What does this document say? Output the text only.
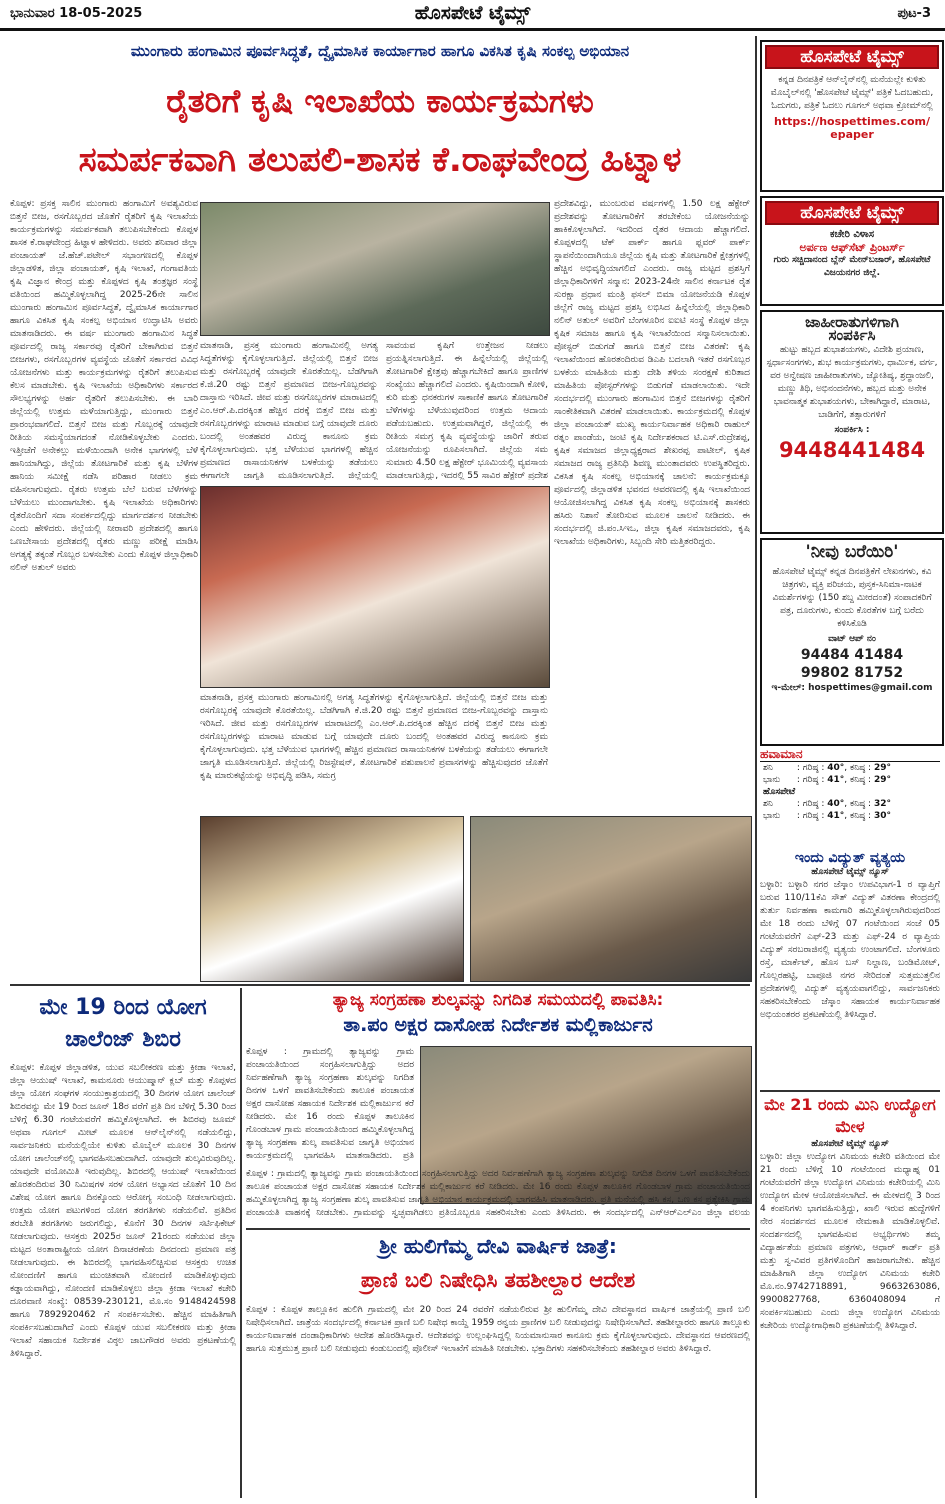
ಭಾನುವಾರ 18-05-2025	ಹೊಸಪೇಟೆ ಟೈಮ್ಸ್	ಪುಟ-3
ಮುಂಗಾರು ಹಂಗಾಮಿನ ಪೂರ್ವಸಿದ್ಧತೆ, ದ್ವೈಮಾಸಿಕ ಕಾರ್ಯಾಗಾರ ಹಾಗೂ ವಿಕಸಿತ ಕೃಷಿ ಸಂಕಲ್ಪ ಅಭಿಯಾನ
ರೈತರಿಗೆ ಕೃಷಿ ಇಲಾಖೆಯ ಕಾರ್ಯಕ್ರಮಗಳು
ಸಮರ್ಪಕವಾಗಿ ತಲುಪಲಿ-ಶಾಸಕ ಕೆ.ರಾಘವೇಂದ್ರ ಹಿಟ್ನಾಳ
ಕೊಪ್ಪಳ: ಪ್ರಸಕ್ತ ಸಾಲಿನ ಮುಂಗಾರು ಹಂಗಾಮಿಗೆ ಅವಶ್ಯವಿರುವ ಬಿತ್ತನೆ ಬೀಜ, ರಸಗೊಬ್ಬರದ ಜೊತೆಗೆ ರೈತರಿಗೆ ಕೃಷಿ ಇಲಾಖೆಯ ಕಾರ್ಯಕ್ರಮಗಳನ್ನು ಸಮರ್ಪಕವಾಗಿ ತಲುಪಿಸಬೇಕೆಂದು ಕೊಪ್ಪಳ ಶಾಸಕ ಕೆ.ರಾಘವೇಂದ್ರ ಹಿಟ್ನಾಳ ಹೇಳಿದರು. ಅವರು ಶನಿವಾರ ಜಿಲ್ಲಾ ಪಂಚಾಯತ್ ಜೆ.ಹೆಚ್.ಪಟೇಲ್ ಸಭಾಂಗಣದಲ್ಲಿ ಕೊಪ್ಪಳ ಜಿಲ್ಲಾಡಳಿತ, ಜಿಲ್ಲಾ ಪಂಚಾಯತ್, ಕೃಷಿ ಇಲಾಖೆ, ಗಂಗಾವತಿಯ ಕೃಷಿ ವಿಜ್ಞಾನ ಕೇಂದ್ರ ಮತ್ತು ಕೊಪ್ಪಳದ ಕೃಷಿ ತಂತ್ರಜ್ಞರ ಸಂಸ್ಥೆ ವತಿಯಿಂದ ಹಮ್ಮಿಕೊಳ್ಳಲಾಗಿದ್ದ 2025-26ನೇ ಸಾಲಿನ ಮುಂಗಾರು ಹಂಗಾಮಿನ ಪೂರ್ವಸಿದ್ಧತೆ, ದ್ವೈಮಾಸಿಕ ಕಾರ್ಯಾಗಾರ ಹಾಗೂ ವಿಕಸಿತ ಕೃಷಿ ಸಂಕಲ್ಪ ಅಭಿಯಾನ ಉದ್ಘಾಟಿಸಿ ಅವರು ಮಾತನಾಡಿದರು. ಈ ವರ್ಷ ಮುಂಗಾರು ಹಂಗಾಮಿನ ಸಿದ್ಧತೆ ಪೂರ್ವದಲ್ಲಿ ರಾಜ್ಯ ಸರ್ಕಾರವು ರೈತರಿಗೆ ಬೇಕಾಗಿರುವ ಬಿತ್ತನೆ ಬೀಜಗಳು, ರಸಗೊಬ್ಬರಗಳ ವ್ಯವಸ್ಥೆಯ ಜೊತೆಗೆ ಸರ್ಕಾರದ ವಿವಿಧ ಯೋಜನೆಗಳು ಮತ್ತು ಕಾರ್ಯಕ್ರಮಗಳನ್ನು ರೈತರಿಗೆ ತಲುಪಿಸುವ ಕೆಲಸ ಮಾಡಬೇಕು. ಕೃಷಿ ಇಲಾಖೆಯ ಅಧಿಕಾರಿಗಳು ಸರ್ಕಾರದ ಸೌಲಭ್ಯಗಳನ್ನು ಅರ್ಹ ರೈತರಿಗೆ ತಲುಪಿಸಬೇಕು. ಈ ಬಾರಿ ಜಿಲ್ಲೆಯಲ್ಲಿ ಉತ್ತಮ ಮಳೆಯಾಗುತ್ತಿದ್ದು, ಮುಂಗಾರು ಬಿತ್ತನೆ ಪ್ರಾರಂಭವಾಗಲಿದೆ. ಬಿತ್ತನೆ ಬೀಜ ಮತ್ತು ಗೊಬ್ಬರಕ್ಕೆ ಯಾವುದೇ ರೀತಿಯ ಸಮಸ್ಯೆಯಾಗದಂತೆ ನೋಡಿಕೊಳ್ಳಬೇಕು ಎಂದರು. ಇತ್ತೀಚೆಗೆ ಅನೇಕಲ್ಲು ಮಳೆಯಿಂದಾಗಿ ಅನೇಕ ಭಾಗಗಳಲ್ಲಿ ಬೆಳೆ ಹಾನಿಯಾಗಿದ್ದು, ಜಿಲ್ಲೆಯ ತೋಟಗಾರಿಕೆ ಮತ್ತು ಕೃಷಿ ಬೆಳೆಗಳ ಹಾನಿಯ ಸಮೀಕ್ಷೆ ನಡೆಸಿ ಪರಿಹಾರ ನೀಡಲು ಕ್ರಮ ವಹಿಸಲಾಗುವುದು. ರೈತರು ಉತ್ತಮ ಬೆಲೆ ಬರುವ ಬೆಳೆಗಳನ್ನು ಬೆಳೆಯಲು ಮುಂದಾಗಬೇಕು. ಕೃಷಿ ಇಲಾಖೆಯ ಅಧಿಕಾರಿಗಳು ರೈತರೊಂದಿಗೆ ಸದಾ ಸಂಪರ್ಕದಲ್ಲಿದ್ದು ಮಾರ್ಗದರ್ಶನ ನೀಡಬೇಕು ಎಂದು ಹೇಳಿದರು. ಜಿಲ್ಲೆಯಲ್ಲಿ ನೀರಾವರಿ ಪ್ರದೇಶದಲ್ಲಿ ಹಾಗೂ ಒಣಬೇಸಾಯ ಪ್ರದೇಶದಲ್ಲಿ ರೈತರು ಮಣ್ಣು ಪರೀಕ್ಷೆ ಮಾಡಿಸಿ ಅಗತ್ಯಕ್ಕೆ ತಕ್ಕಂತೆ ಗೊಬ್ಬರ ಬಳಸಬೇಕು ಎಂದು ಕೊಪ್ಪಳ ಜಿಲ್ಲಾಧಿಕಾರಿ ನಲಿನ್ ಅತುಲ್ ಅವರು
ಮಾತನಾಡಿ, ಪ್ರಸಕ್ತ ಮುಂಗಾರು ಹಂಗಾಮಿನಲ್ಲಿ ಅಗತ್ಯ ಸಿದ್ಧತೆಗಳನ್ನು ಕೈಗೊಳ್ಳಲಾಗುತ್ತಿದೆ. ಜಿಲ್ಲೆಯಲ್ಲಿ ಬಿತ್ತನೆ ಬೀಜ ಮತ್ತು ರಸಗೊಬ್ಬರಕ್ಕೆ ಯಾವುದೇ ಕೊರತೆಯಿಲ್ಲ. ಬೆಡಗಿಗಾಗಿ ಕೆ.ಜಿ.20 ರಷ್ಟು ಬಿತ್ತನೆ ಪ್ರಮಾಣದ ಬೀಜ-ಗೊಬ್ಬರವನ್ನು ದಾಸ್ತಾನು ಇರಿಸಿದೆ. ಜೀವ ಮತ್ತು ರಸಗೊಬ್ಬರಗಳ ಮಾರಾಟದಲ್ಲಿ ಎಂ.ಆರ್.ಪಿ.ದರಕ್ಕಿಂತ ಹೆಚ್ಚಿನ ದರಕ್ಕೆ ಬಿತ್ತನೆ ಬೀಜ ಮತ್ತು ರಸಗೊಬ್ಬರಗಳನ್ನು ಮಾರಾಟ ಮಾಡುವ ಬಗ್ಗೆ ಯಾವುದೇ ದೂರು ಬಂದಲ್ಲಿ ಅಂತಹವರ ವಿರುದ್ಧ ಕಾನೂನು ಕ್ರಮ ಕೈಗೊಳ್ಳಲಾಗುವುದು. ಭತ್ತ ಬೆಳೆಯುವ ಭಾಗಗಳಲ್ಲಿ ಹೆಚ್ಚಿನ ಪ್ರಮಾಣದ ರಾಸಾಯನಿಕಗಳ ಬಳಕೆಯನ್ನು ತಡೆಯಲು ಈಗಾಗಲೇ ಜಾಗೃತಿ ಮೂಡಿಸಲಾಗುತ್ತಿದೆ. ಜಿಲ್ಲೆಯಲ್ಲಿ
ಸಾವಯವ ಕೃಷಿಗೆ ಉತ್ತೇಜನ ನೀಡಲು ಪ್ರಯತ್ನಿಸಲಾಗುತ್ತಿದೆ. ಈ ಹಿನ್ನೆಲೆಯಲ್ಲಿ ಜಿಲ್ಲೆಯಲ್ಲಿ ತೋಟಗಾರಿಕೆ ಕ್ಷೇತ್ರವು ಹೆಚ್ಚಾಗಬೇಕಿದೆ ಹಾಗೂ ಪ್ರಾಣಿಗಳ ಸಂಖ್ಯೆಯು ಹೆಚ್ಚಾಗಲಿದೆ ಎಂದರು. ಕೃಷಿಯಿಂದಾಗಿ ಕೋಳಿ, ಕುರಿ ಮತ್ತು ಧನಕರುಗಳ ಸಾಕಾಣಿಕೆ ಹಾಗೂ ತೋಟಗಾರಿಕೆ ಬೆಳೆಗಳನ್ನು ಬೆಳೆಯುವುದರಿಂದ ಉತ್ತಮ ಆದಾಯ ಪಡೆಯಬಹುದು. ಉತ್ತಮವಾಗಿದ್ದರೆ, ಜಿಲ್ಲೆಯಲ್ಲಿ ಈ ರೀತಿಯ ಸಮಗ್ರ ಕೃಷಿ ವ್ಯವಸ್ಥೆಯನ್ನು ಜಾರಿಗೆ ತರುವ ಯೋಜನೆಯನ್ನು ರೂಪಿಸಲಾಗಿದೆ. ಜಿಲ್ಲೆಯ ಸಮ ಸುಮಾರು 4.50 ಲಕ್ಷ ಹೆಕ್ಟೇರ್ ಭೂಮಿಯಲ್ಲಿ ವ್ಯವಸಾಯ ಮಾಡಲಾಗುತ್ತಿದ್ದು, ಇದರಲ್ಲಿ 55 ಸಾವಿರ ಹೆಕ್ಟೇರ್ ಪ್ರದೇಶ
ಮಾತನಾಡಿ, ಪ್ರಸಕ್ತ ಮುಂಗಾರು ಹಂಗಾಮಿನಲ್ಲಿ ಅಗತ್ಯ ಸಿದ್ಧತೆಗಳನ್ನು ಕೈಗೊಳ್ಳಲಾಗುತ್ತಿದೆ. ಜಿಲ್ಲೆಯಲ್ಲಿ ಬಿತ್ತನೆ ಬೀಜ ಮತ್ತು ರಸಗೊಬ್ಬರಕ್ಕೆ ಯಾವುದೇ ಕೊರತೆಯಿಲ್ಲ. ಬೆಡಗಿಗಾಗಿ ಕೆ.ಜಿ.20 ರಷ್ಟು ಬಿತ್ತನೆ ಪ್ರಮಾಣದ ಬೀಜ-ಗೊಬ್ಬರವನ್ನು ದಾಸ್ತಾನು ಇರಿಸಿದೆ. ಜೀವ ಮತ್ತು ರಸಗೊಬ್ಬರಗಳ ಮಾರಾಟದಲ್ಲಿ ಎಂ.ಆರ್.ಪಿ.ದರಕ್ಕಿಂತ ಹೆಚ್ಚಿನ ದರಕ್ಕೆ ಬಿತ್ತನೆ ಬೀಜ ಮತ್ತು ರಸಗೊಬ್ಬರಗಳನ್ನು ಮಾರಾಟ ಮಾಡುವ ಬಗ್ಗೆ ಯಾವುದೇ ದೂರು ಬಂದಲ್ಲಿ ಅಂತಹವರ ವಿರುದ್ಧ ಕಾನೂನು ಕ್ರಮ ಕೈಗೊಳ್ಳಲಾಗುವುದು. ಭತ್ತ ಬೆಳೆಯುವ ಭಾಗಗಳಲ್ಲಿ ಹೆಚ್ಚಿನ ಪ್ರಮಾಣದ ರಾಸಾಯನಿಕಗಳ ಬಳಕೆಯನ್ನು ತಡೆಯಲು ಈಗಾಗಲೇ ಜಾಗೃತಿ ಮೂಡಿಸಲಾಗುತ್ತಿದೆ. ಜಿಲ್ಲೆಯಲ್ಲಿ ರಿಜಸ್ಟೇಷನ್, ತೋಟಗಾರಿಕೆ ಪಶುಪಾಲನೆ ಪ್ರವಾಸಗಳನ್ನು ಹೆಚ್ಚಿಸುವುದರ ಜೊತೆಗೆ ಕೃಷಿ ಮಾರುಕಟ್ಟೆಯನ್ನು ಅಭಿವೃದ್ಧಿ ಪಡಿಸಿ, ಸಮಗ್ರ
ಪ್ರದೇಶವಿದ್ದು, ಮುಂಬರುವ ವರ್ಷಗಳಲ್ಲಿ 1.50 ಲಕ್ಷ ಹೆಕ್ಟೇರ್ ಪ್ರದೇಶವನ್ನು ತೋಟಗಾರಿಕೆಗೆ ತರಬೇಕೆಂಬ ಯೋಜನೆಯನ್ನು ಹಾಕಿಕೊಳ್ಳಲಾಗಿದೆ. ಇದರಿಂದ ರೈತರ ಆದಾಯ ಹೆಚ್ಚಾಗಲಿದೆ. ಕೊಪ್ಪಳದಲ್ಲಿ ಟೆಕ್ ಪಾರ್ಕ್ ಹಾಗೂ ಫ್ಲವರ್ ಪಾರ್ಕ್ ಸ್ಥಾಪನೆಯಿಂದಾಗಿಯೂ ಜಿಲ್ಲೆಯ ಕೃಷಿ ಮತ್ತು ತೋಟಗಾರಿಕೆ ಕ್ಷೇತ್ರಗಳಲ್ಲಿ ಹೆಚ್ಚಿನ ಅಭಿವೃದ್ಧಿಯಾಗಲಿದೆ ಎಂದರು. ರಾಜ್ಯ ಮಟ್ಟದ ಪ್ರಶಸ್ತಿಗೆ ಜಿಲ್ಲಾಧಿಕಾರಿಗಳಿಗೆ ಸನ್ಮಾನ: 2023-24ನೇ ಸಾಲಿನ ಕರ್ನಾಟಕ ರೈತ ಸುರಕ್ಷಾ ಪ್ರಧಾನ ಮಂತ್ರಿ ಫಸಲ್ ಬಿಮಾ ಯೋಜನೆಯಡಿ ಕೊಪ್ಪಳ ಜಿಲ್ಲೆಗೆ ರಾಜ್ಯ ಮಟ್ಟದ ಪ್ರಶಸ್ತಿ ಲಭಿಸಿದ ಹಿನ್ನೆಲೆಯಲ್ಲಿ ಜಿಲ್ಲಾಧಿಕಾರಿ ನಲಿನ್ ಅತುಲ್ ಅವರಿಗೆ ಬೆಂಗಳೂರಿನ ಐಐಟಿ ಸಂಸ್ಥೆ ಕೊಪ್ಪಳ ಜಿಲ್ಲಾ ಕೃಷಿಕ ಸಮಾಜ ಹಾಗೂ ಕೃಷಿ ಇಲಾಖೆಯಿಂದ ಸನ್ಮಾನಿಸಲಾಯಿತು. ಪೋಸ್ಟರ್ ಬಿಡುಗಡೆ ಹಾಗೂ ಬಿತ್ತನೆ ಬೀಜ ವಿತರಣೆ: ಕೃಷಿ ಇಲಾಖೆಯಿಂದ ಹೊರತಂದಿರುವ ಡಿಎಪಿ ಬದಲಾಗಿ ಇತರೆ ರಸಗೊಬ್ಬರ ಬಳಕೆಯ ಮಾಹಿತಿಯ ಮತ್ತು ದೇಶಿ ತಳಿಯ ಸಂರಕ್ಷಣೆ ಕುರಿತಾದ ಮಾಹಿತಿಯ ಪೋಸ್ಟರ್‌ಗಳನ್ನು ಬಿಡುಗಡೆ ಮಾಡಲಾಯಿತು. ಇದೇ ಸಂದರ್ಭದಲ್ಲಿ ಮುಂಗಾರು ಹಂಗಾಮಿನ ಬಿತ್ತನೆ ಬೀಜಗಳನ್ನು ರೈತರಿಗೆ ಸಾಂಕೇತಿಕವಾಗಿ ವಿತರಣೆ ಮಾಡಲಾಯಿತು. ಕಾರ್ಯಕ್ರಮದಲ್ಲಿ ಕೊಪ್ಪಳ ಜಿಲ್ಲಾ ಪಂಚಾಯತ್ ಮುಖ್ಯ ಕಾರ್ಯನಿರ್ವಾಹಕ ಅಧಿಕಾರಿ ರಾಹುಲ್ ರತ್ನಂ ಪಾಂಡೆಯ, ಜಂಟಿ ಕೃಷಿ ನಿರ್ದೇಶಕರಾದ ಟಿ.ಎಸ್.ರುದ್ರೇಶಪ್ಪ, ಕೃಷಿಕ ಸಮಾಜದ ಜಿಲ್ಲಾಧ್ಯಕ್ಷರಾದ ಶೇಖರಪ್ಪ ಪಾಟೀಲ್, ಕೃಷಿಕ ಸಮಾಜದ ರಾಜ್ಯ ಪ್ರತಿನಿಧಿ ಶಿವಣ್ಣ ಮುಂತಾದವರು ಉಪಸ್ಥಿತರಿದ್ದರು. ವಿಕಸಿತ ಕೃಷಿ ಸಂಕಲ್ಪ ಅಭಿಯಾನಕ್ಕೆ ಚಾಲನೆ: ಕಾರ್ಯಕ್ರಮಕ್ಕೂ ಪೂರ್ವದಲ್ಲಿ ಜಿಲ್ಲಾಡಳಿತ ಭವನದ ಆವರಣದಲ್ಲಿ ಕೃಷಿ ಇಲಾಖೆಯಿಂದ ಆಯೋಜಿಸಲಾಗಿದ್ದ ವಿಕಸಿತ ಕೃಷಿ ಸಂಕಲ್ಪ ಅಭಿಯಾನಕ್ಕೆ ಶಾಸಕರು ಹಸಿರು ನಿಶಾನೆ ತೋರಿಸುವ ಮೂಲಕ ಚಾಲನೆ ನೀಡಿದರು. ಈ ಸಂದರ್ಭದಲ್ಲಿ ಜಿ.ಪಂ.ಸಿಇಒ, ಜಿಲ್ಲಾ ಕೃಷಿಕ ಸಮಾಜದವರು, ಕೃಷಿ ಇಲಾಖೆಯ ಅಧಿಕಾರಿಗಳು, ಸಿಬ್ಬಂದಿ ಸೇರಿ ಮತ್ತಿತರರಿದ್ದರು.
ಮೇ 19 ರಿಂದ ಯೋಗ ಚಾಲೆಂಜ್ ಶಿಬಿರ
ಕೊಪ್ಪಳ: ಕೊಪ್ಪಳ ಜಿಲ್ಲಾಡಳಿತ, ಯುವ ಸಬಲೀಕರಣ ಮತ್ತು ಕ್ರೀಡಾ ಇಲಾಖೆ, ಜಿಲ್ಲಾ ಆಯುಷ್ ಇಲಾಖೆ, ಕಾಮನೂರು ಆಯುಷ್ಮಾನ್ ಕ್ಲಬ್ ಮತ್ತು ಕೊಪ್ಪಳದ ಜಿಲ್ಲಾ ಯೋಗ ಸಂಘಗಳ ಸಂಯುಕ್ತಾಶ್ರಯದಲ್ಲಿ 30 ದಿನಗಳ ಯೋಗ ಚಾಲೆಂಜ್ ಶಿಬಿರವನ್ನು ಮೇ 19 ರಿಂದ ಜೂನ್ 18ರ ವರೆಗೆ ಪ್ರತಿ ದಿನ ಬೆಳಿಗ್ಗೆ 5.30 ರಿಂದ ಬೆಳಿಗ್ಗೆ 6.30 ಗಂಟೆಯವರೆಗೆ ಹಮ್ಮಿಕೊಳ್ಳಲಾಗಿದೆ. ಈ ಶಿಬಿರವು ಜೂಮ್ ಅಥವಾ ಗೂಗಲ್ ಮೀಟ್ ಮೂಲಕ ಆನ್‌ಲೈನ್‌ನಲ್ಲಿ ನಡೆಯಲಿದ್ದು, ಸಾರ್ವಜನಿಕರು ಮನೆಯಲ್ಲಿಯೇ ಕುಳಿತು ಮೊಬೈಲ್ ಮೂಲಕ 30 ದಿನಗಳ ಯೋಗ ಚಾಲೆಂಜ್‌ನಲ್ಲಿ ಭಾಗವಹಿಸಬಹುದಾಗಿದೆ. ಯಾವುದೇ ಶುಲ್ಕವಿರುವುದಿಲ್ಲ. ಯಾವುದೇ ವಯೋಮಿತಿ ಇರುವುದಿಲ್ಲ. ಶಿಬಿರದಲ್ಲಿ ಆಯುಷ್ ಇಲಾಖೆಯಿಂದ ಹೊರತಂದಿರುವ 30 ನಿಮಿಷಗಳ ಸರಳ ಯೋಗ ಅಭ್ಯಾಸದ ಜೊತೆಗೆ 10 ದಿನ ವಿಶೇಷ ಯೋಗ ಹಾಗೂ ದಿನಕ್ಕೊಂದು ಆರೋಗ್ಯ ಸಂಬಂಧಿ ನೀಡಲಾಗುವುದು. ಉತ್ತಮ ಯೋಗ ಪಟುಗಳಿಂದ ಯೋಗ ತರಗತಿಗಳು ನಡೆಯಲಿವೆ. ಪ್ರತಿದಿನ ತರಬೇತಿ ತರಗತಿಗಳು ಜರುಗಲಿದ್ದು, ಕೊನೆಗೆ 30 ದಿನಗಳ ಸರ್ಟಿಫಿಕೇಟ್ ನೀಡಲಾಗುವುದು. ಆಸಕ್ತರು 2025ರ ಜೂನ್ 21ರಂದು ನಡೆಯುವ ಜಿಲ್ಲಾ ಮಟ್ಟದ ಅಂತಾರಾಷ್ಟ್ರೀಯ ಯೋಗ ದಿನಾಚರಣೆಯ ದಿನದಂದು ಪ್ರಮಾಣ ಪತ್ರ ನೀಡಲಾಗುವುದು. ಈ ಶಿಬಿರದಲ್ಲಿ ಭಾಗವಹಿಸಲಿಚ್ಚಿಸುವ ಆಸಕ್ತರು ಉಚಿತ ನೋಂದಣಿಗೆ ಹಾಗೂ ಮುಂಚಿತವಾಗಿ ನೋಂದಣಿ ಮಾಡಿಕೊಳ್ಳುವುದು ಕಡ್ಡಾಯವಾಗಿದ್ದು, ನೋಂದಣಿ ಮಾಡಿಕೊಳ್ಳಲು ಜಿಲ್ಲಾ ಕ್ರೀಡಾ ಇಲಾಖೆ ಕಚೇರಿ ದೂರವಾಣಿ ಸಂಖ್ಯೆ: 08539-230121, ಮೊ.ಸಂ 9148424598 ಹಾಗೂ 7892920462 ಗೆ ಸಂಪರ್ಕಿಸಬೇಕು. ಹೆಚ್ಚಿನ ಮಾಹಿತಿಗಾಗಿ ಸಂಪರ್ಕಿಸಬಹುದಾಗಿದೆ ಎಂದು ಕೊಪ್ಪಳ ಯುವ ಸಬಲೀಕರಣ ಮತ್ತು ಕ್ರೀಡಾ ಇಲಾಖೆ ಸಹಾಯಕ ನಿರ್ದೇಶಕ ವಿಠ್ಠಲ ಜಾಬಗೌಡರ ಅವರು ಪ್ರಕಟಣೆಯಲ್ಲಿ ತಿಳಿಸಿದ್ದಾರೆ.
ತ್ಯಾಜ್ಯ ಸಂಗ್ರಹಣಾ ಶುಲ್ಕವನ್ನು ನಿಗದಿತ ಸಮಯದಲ್ಲಿ ಪಾವತಿಸಿ:
ತಾ.ಪಂ ಅಕ್ಷರ ದಾಸೋಹ ನಿರ್ದೇಶಕ ಮಲ್ಲಿಕಾರ್ಜುನ
ಕೊಪ್ಪಳ : ಗ್ರಾಮದಲ್ಲಿ ತ್ಯಾಜ್ಯವನ್ನು ಗ್ರಾಮ ಪಂಚಾಯತಿಯಿಂದ ಸಂಗ್ರಹಿಸಲಾಗುತ್ತಿದ್ದು ಅದರ ನಿರ್ವಹಣೆಗಾಗಿ ತ್ಯಾಜ್ಯ ಸಂಗ್ರಹಣಾ ಶುಲ್ಕವನ್ನು ನಿಗದಿತ ದಿನಗಳ ಒಳಗೆ ಪಾವತಿಸಬೇಕೆಂದು ತಾಲೂಕ ಪಂಚಾಯತ ಅಕ್ಷರ ದಾಸೋಹ ಸಹಾಯಕ ನಿರ್ದೇಶಕ ಮಲ್ಲಿಕಾರ್ಜುನ ಕರೆ ನೀಡಿದರು. ಮೇ 16 ರಂದು ಕೊಪ್ಪಳ ತಾಲೂಕಿನ ಗೊಂಡಬಾಳ ಗ್ರಾಮ ಪಂಚಾಯತಿಯಿಂದ ಹಮ್ಮಿಕೊಳ್ಳಲಾಗಿದ್ದ ತ್ಯಾಜ್ಯ ಸಂಗ್ರಹಣಾ ಶುಲ್ಕ ಪಾವತಿಸುವ ಜಾಗೃತಿ ಅಭಿಯಾನ ಕಾರ್ಯಕ್ರಮದಲ್ಲಿ ಭಾಗವಹಿಸಿ ಮಾತನಾಡಿದರು. ಪ್ರತಿ
ಕೊಪ್ಪಳ : ಗ್ರಾಮದಲ್ಲಿ ತ್ಯಾಜ್ಯವನ್ನು ಗ್ರಾಮ ಪಂಚಾಯತಿಯಿಂದ ಸಂಗ್ರಹಿಸಲಾಗುತ್ತಿದ್ದು ಅದರ ನಿರ್ವಹಣೆಗಾಗಿ ತ್ಯಾಜ್ಯ ಸಂಗ್ರಹಣಾ ಶುಲ್ಕವನ್ನು ನಿಗದಿತ ದಿನಗಳ ಒಳಗೆ ಪಾವತಿಸಬೇಕೆಂದು ತಾಲೂಕ ಪಂಚಾಯತ ಅಕ್ಷರ ದಾಸೋಹ ಸಹಾಯಕ ನಿರ್ದೇಶಕ ಮಲ್ಲಿಕಾರ್ಜುನ ಕರೆ ನೀಡಿದರು. ಮೇ 16 ರಂದು ಕೊಪ್ಪಳ ತಾಲೂಕಿನ ಗೊಂಡಬಾಳ ಗ್ರಾಮ ಪಂಚಾಯತಿಯಿಂದ ಹಮ್ಮಿಕೊಳ್ಳಲಾಗಿದ್ದ ತ್ಯಾಜ್ಯ ಸಂಗ್ರಹಣಾ ಶುಲ್ಕ ಪಾವತಿಸುವ ಜಾಗೃತಿ ಅಭಿಯಾನ ಕಾರ್ಯಕ್ರಮದಲ್ಲಿ ಭಾಗವಹಿಸಿ ಮಾತನಾಡಿದರು. ಪ್ರತಿ ಮನೆಯಲ್ಲಿ ಹಸಿ ಕಸ, ಒಣ ಕಸ ಪ್ರತ್ಯೇಕಿಸಿ ಗ್ರಾಮ ಪಂಚಾಯತಿ ವಾಹನಕ್ಕೆ ನೀಡಬೇಕು. ಗ್ರಾಮವನ್ನು ಸ್ವಚ್ಛವಾಗಿಡಲು ಪ್ರತಿಯೊಬ್ಬರೂ ಸಹಕರಿಸಬೇಕು ಎಂದು ತಿಳಿಸಿದರು. ಈ ಸಂದರ್ಭದಲ್ಲಿ ಎನ್‌ಆರ್‌ಎಲ್‌ಎಂ ಜಿಲ್ಲಾ ವಲಯ
ಶ್ರೀ ಹುಲಿಗೆಮ್ಮ ದೇವಿ ವಾರ್ಷಿಕ ಜಾತ್ರೆ:
ಪ್ರಾಣಿ ಬಲಿ ನಿಷೇಧಿಸಿ ತಹಶೀಲ್ದಾರ ಆದೇಶ
ಕೊಪ್ಪಳ : ಕೊಪ್ಪಳ ತಾಲ್ಲೂಕಿನ ಹುಲಿಗಿ ಗ್ರಾಮದಲ್ಲಿ ಮೇ 20 ರಿಂದ 24 ರವರೆಗೆ ನಡೆಯಲಿರುವ ಶ್ರೀ ಹುಲಿಗೆಮ್ಮ ದೇವಿ ದೇವಸ್ಥಾನದ ವಾರ್ಷಿಕ ಜಾತ್ರೆಯಲ್ಲಿ ಪ್ರಾಣಿ ಬಲಿ ನಿಷೇಧಿಸಲಾಗಿದೆ. ಜಾತ್ರೆಯ ಸಂದರ್ಭದಲ್ಲಿ ಕರ್ನಾಟಕ ಪ್ರಾಣಿ ಬಲಿ ನಿಷೇಧ ಕಾಯ್ದೆ 1959 ರನ್ವಯ ಪ್ರಾಣಿಗಳ ಬಲಿ ನೀಡುವುದನ್ನು ನಿಷೇಧಿಸಲಾಗಿದೆ. ತಹಶೀಲ್ದಾರರು ಹಾಗೂ ತಾಲ್ಲೂಕು ಕಾರ್ಯನಿರ್ವಾಹಕ ದಂಡಾಧಿಕಾರಿಗಳು ಆದೇಶ ಹೊರಡಿಸಿದ್ದಾರೆ. ಆದೇಶವನ್ನು ಉಲ್ಲಂಘಿಸಿದ್ದಲ್ಲಿ ನಿಯಮಾನುಸಾರ ಕಾನೂನು ಕ್ರಮ ಕೈಗೊಳ್ಳಲಾಗುವುದು. ದೇವಸ್ಥಾನದ ಆವರಣದಲ್ಲಿ ಹಾಗೂ ಸುತ್ತಮುತ್ತ ಪ್ರಾಣಿ ಬಲಿ ನೀಡುವುದು ಕಂಡುಬಂದಲ್ಲಿ ಪೊಲೀಸ್ ಇಲಾಖೆಗೆ ಮಾಹಿತಿ ನೀಡಬೇಕು. ಭಕ್ತಾದಿಗಳು ಸಹಕರಿಸಬೇಕೆಂದು ತಹಶೀಲ್ದಾರ ಅವರು ತಿಳಿಸಿದ್ದಾರೆ.
ಹೊಸಪೇಟೆ ಟೈಮ್ಸ್
ಕನ್ನಡ ದಿನಪತ್ರಿಕೆ ಆನ್‌ಲೈನ್‌ನಲ್ಲಿ ಮನೆಯಲ್ಲೇ ಕುಳಿತು ಮೊಬೈಲ್‌ನಲ್ಲಿ 'ಹೊಸಪೇಟೆ ಟೈಮ್ಸ್' ಪತ್ರಿಕೆ ಓದಬಹುದು, ಓದುಗರು, ಪತ್ರಿಕೆ ಓದಲು ಗೂಗಲ್ ಅಥವಾ ಕ್ರೋಮ್‌ನಲ್ಲಿ
https://hospettimes.com/
epaper
ಹೊಸಪೇಟೆ ಟೈಮ್ಸ್
ಕಚೇರಿ ವಿಳಾಸ
ಅರ್ಪಣ ಆಫ್‌ಸೆಟ್ ಪ್ರಿಂಟರ್ಸ್
ಗುರು ಸಚ್ಚಿದಾನಂದ ಬ್ಲೆನ್ ಮೇನ್‌ಬಜಾರ್, ಹೊಸಪೇಟೆ ವಿಜಯನಗರ ಜಿಲ್ಲೆ.
ಜಾಹೀರಾತುಗಳಿಗಾಗಿ
ಸಂಪರ್ಕಿಸಿ
ಹುಟ್ಟು ಹಬ್ಬದ ಶುಭಾಶಯಗಳು, ವಿದೇಶಿ ಪ್ರಯಾಣ, ಸ್ಪರ್ಧಾಸಂಗಗಳು, ಶುಭ ಕಾರ್ಯಕ್ರಮಗಳು, ಧಾರ್ಮಿಕ, ವರ್ಗ, ವರ ಅನ್ವೇಷಣ ಜಾಹೀರಾತುಗಳು, ಜ್ಯೋತಿಷ್ಯ, ಶ್ರದ್ಧಾಂಜಲಿ, ಮಣ್ಣು ತಿಥಿ, ಅಭಿನಂದನೆಗಳು, ಹಬ್ಬದ ಮತ್ತು ಅನೇಕ ಭಾವನಾತ್ಮಕ ಶುಭಾಶಯಗಳು, ಬೇಕಾಗಿದ್ದಾರೆ, ಮಾರಾಟ, ಬಾಡಿಗೆಗೆ, ತತ್ಸಾರುಗಳಿಗೆ
ಸಂಪರ್ಕಿಸಿ :
9448441484
'ನೀವು ಬರೆಯಿರಿ'
ಹೊಸಪೇಟೆ ಟೈಮ್ಸ್ ಕನ್ನಡ ದಿನಪತ್ರಿಕೆಗೆ ಲೇಖನಗಳು, ಕವಿ ಚಿತ್ರಗಳು, ವ್ಯಕ್ತಿ ಪರಿಚಯ, ಪುಸ್ತಕ-ಸಿನಿಮಾ-ನಾಟಕ ವಿಮರ್ಶೆಗಳನ್ನು (150 ಶಬ್ದ ಮೀರದಂತೆ) ಸಂಪಾದಕರಿಗೆ ಪತ್ರ, ದೂರುಗಳು, ಕುಂದು ಕೊರತೆಗಳ ಬಗ್ಗೆ ಬರೆದು ಕಳಿಸಿಕೊಡಿ
ವಾಟ್ ಆಪ್ ನಂ
94484 41484
99802 81752
ಇ-ಮೇಲ್: hospettimes@gmail.com
ಹವಾಮಾನ
ಶನಿ	: ಗರಿಷ್ಠ : 40°, ಕನಿಷ್ಠ : 29°
ಭಾನು	: ಗರಿಷ್ಠ : 41°, ಕನಿಷ್ಠ : 29°
ಹೊಸಪೇಟೆ	
ಶನಿ	: ಗರಿಷ್ಠ : 40°, ಕನಿಷ್ಠ : 32°
ಭಾನು	: ಗರಿಷ್ಠ : 41°, ಕನಿಷ್ಠ : 30°
ಇಂದು ವಿದ್ಯುತ್ ವ್ಯತ್ಯಯ
ಹೊಸಪೇಟೆ ಟೈಮ್ಸ್ ನ್ಯೂಸ್
ಬಳ್ಳಾರಿ: ಬಳ್ಳಾರಿ ನಗರ ಜೆಸ್ಕಾಂ ಉಪವಿಭಾಗ-1 ರ ವ್ಯಾಪ್ತಿಗೆ ಬರುವ 110/11ಕೆವಿ ಸೌತ್ ವಿದ್ಯುತ್ ವಿತರಣಾ ಕೇಂದ್ರದಲ್ಲಿ ತುರ್ತು ನಿರ್ವಹಣಾ ಕಾಮಗಾರಿ ಹಮ್ಮಿಕೊಳ್ಳಲಾಗಿರುವುದರಿಂದ ಮೇ 18 ರಂದು ಬೆಳಿಗ್ಗೆ 07 ಗಂಟೆಯಿಂದ ಸಂಜೆ 05 ಗಂಟೆಯವರೆಗೆ ಎಫ್-23 ಮತ್ತು ಎಫ್-24 ರ ವ್ಯಾಪ್ತಿಯ ವಿದ್ಯುತ್ ಸರಬರಾಜಿನಲ್ಲಿ ವ್ಯತ್ಯಯ ಉಂಟಾಗಲಿದೆ. ಬೆಂಗಳೂರು ರಸ್ತೆ, ಮಾರ್ಕೆಟ್, ಹೊಸ ಬಸ್ ನಿಲ್ದಾಣ, ಬಂಡಿಮೋಟ್, ಗೊಲ್ಲರಹಟ್ಟಿ, ಬಾಪೂಜಿ ನಗರ ಸೇರಿದಂತೆ ಸುತ್ತಮುತ್ತಲಿನ ಪ್ರದೇಶಗಳಲ್ಲಿ ವಿದ್ಯುತ್ ವ್ಯತ್ಯಯವಾಗಲಿದ್ದು, ಸಾರ್ವಜನಿಕರು ಸಹಕರಿಸಬೇಕೆಂದು ಜೆಸ್ಕಾಂ ಸಹಾಯಕ ಕಾರ್ಯನಿರ್ವಾಹಕ ಅಭಿಯಂತರರ ಪ್ರಕಟಣೆಯಲ್ಲಿ ತಿಳಿಸಿದ್ದಾರೆ.
ಮೇ 21 ರಂದು ಮಿನಿ ಉದ್ಯೋಗ ಮೇಳ
ಹೊಸಪೇಟೆ ಟೈಮ್ಸ್ ನ್ಯೂಸ್
ಬಳ್ಳಾರಿ: ಜಿಲ್ಲಾ ಉದ್ಯೋಗ ವಿನಿಮಯ ಕಚೇರಿ ವತಿಯಿಂದ ಮೇ 21 ರಂದು ಬೆಳಿಗ್ಗೆ 10 ಗಂಟೆಯಿಂದ ಮಧ್ಯಾಹ್ನ 01 ಗಂಟೆಯವರೆಗೆ ಜಿಲ್ಲಾ ಉದ್ಯೋಗ ವಿನಿಮಯ ಕಚೇರಿಯಲ್ಲಿ ಮಿನಿ ಉದ್ಯೋಗ ಮೇಳ ಆಯೋಜಿಸಲಾಗಿದೆ. ಈ ಮೇಳದಲ್ಲಿ 3 ರಿಂದ 4 ಕಂಪನಿಗಳು ಭಾಗವಹಿಸುತ್ತಿದ್ದು, ಖಾಲಿ ಇರುವ ಹುದ್ದೆಗಳಿಗೆ ನೇರ ಸಂದರ್ಶನದ ಮೂಲಕ ನೇಮಕಾತಿ ಮಾಡಿಕೊಳ್ಳಲಿವೆ. ಸಂದರ್ಶನದಲ್ಲಿ ಭಾಗವಹಿಸುವ ಅಭ್ಯರ್ಥಿಗಳು ತಮ್ಮ ವಿದ್ಯಾರ್ಹತೆಯ ಪ್ರಮಾಣ ಪತ್ರಗಳು, ಆಧಾರ್ ಕಾರ್ಡ್ ಪ್ರತಿ ಮತ್ತು ಸ್ವ-ವಿವರ ಪ್ರತಿಗಳೊಂದಿಗೆ ಹಾಜರಾಗಬೇಕು. ಹೆಚ್ಚಿನ ಮಾಹಿತಿಗಾಗಿ ಜಿಲ್ಲಾ ಉದ್ಯೋಗ ವಿನಿಮಯ ಕಚೇರಿ ಮೊ.ನಂ.9742718891, 9663263086, 9900827768, 6360408094 ಗೆ ಸಂಪರ್ಕಿಸಬಹುದು ಎಂದು ಜಿಲ್ಲಾ ಉದ್ಯೋಗ ವಿನಿಮಯ ಕಚೇರಿಯ ಉದ್ಯೋಗಾಧಿಕಾರಿ ಪ್ರಕಟಣೆಯಲ್ಲಿ ತಿಳಿಸಿದ್ದಾರೆ.
